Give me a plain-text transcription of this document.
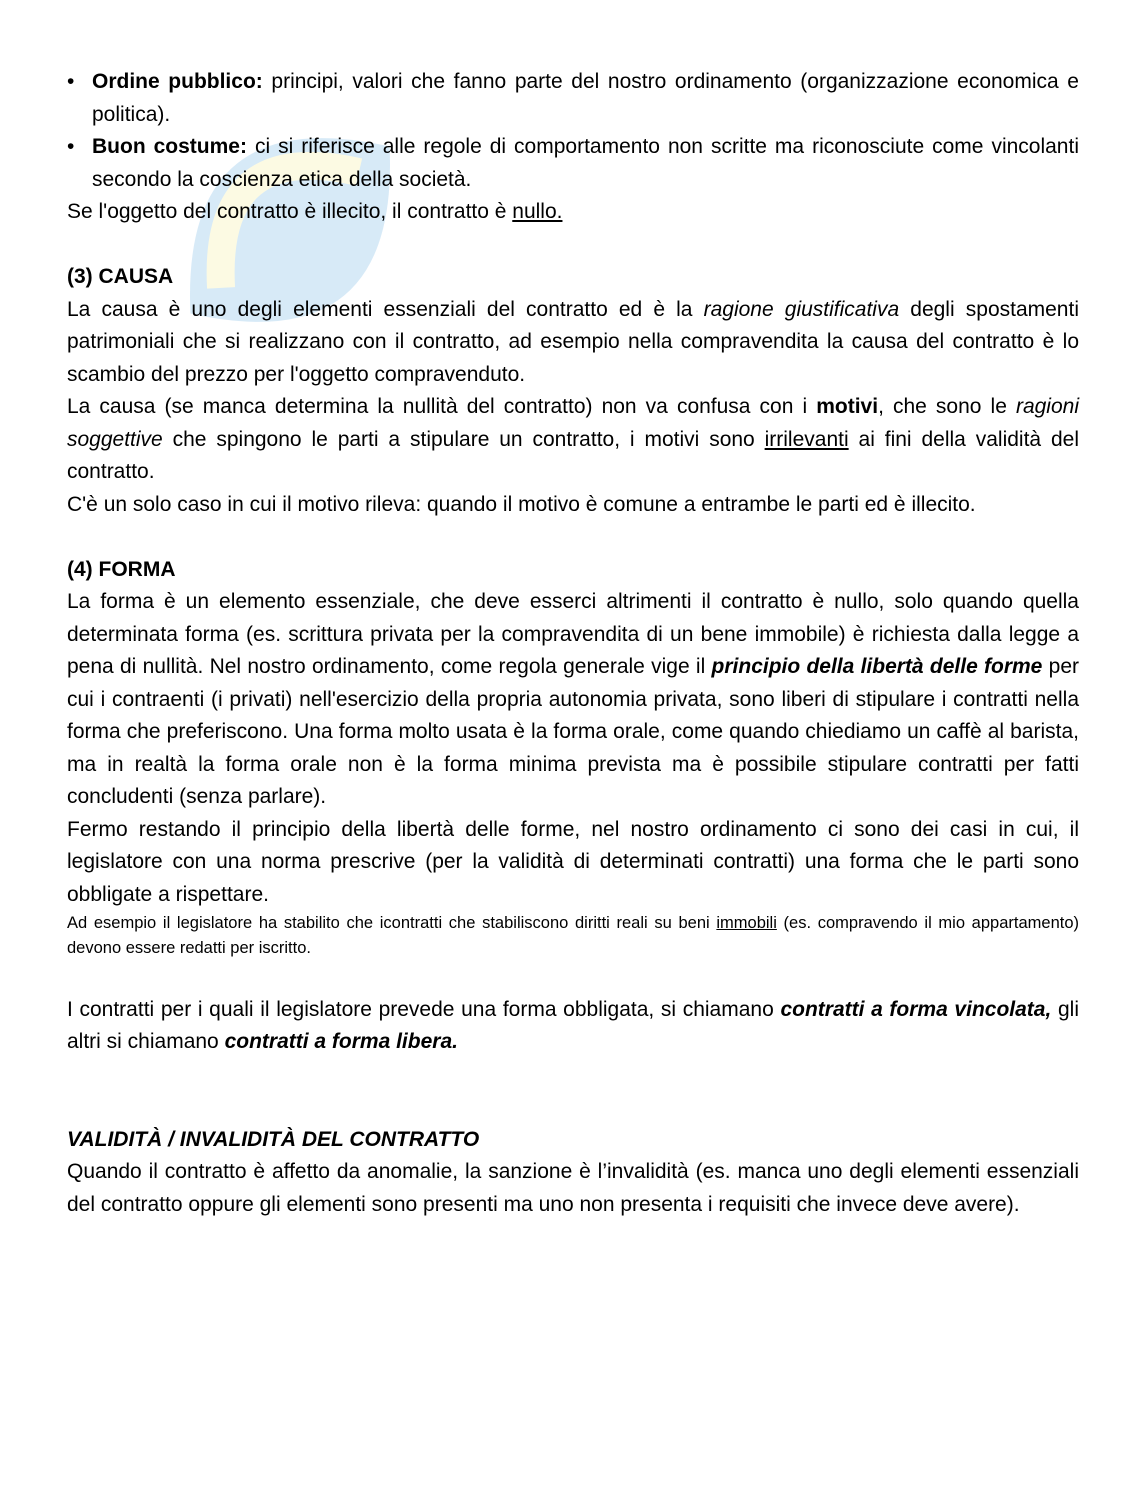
• Ordine pubblico: principi, valori che fanno parte del nostro ordinamento (organizzazione economica e politica).
• Buon costume: ci si riferisce alle regole di comportamento non scritte ma riconosciute come vincolanti secondo la coscienza etica della società.

Se l'oggetto del contratto è illecito, il contratto è nullo.

(3) CAUSA

La causa è uno degli elementi essenziali del contratto ed è la ragione giustificativa degli spostamenti patrimoniali che si realizzano con il contratto, ad esempio nella compravendita la causa del contratto è lo scambio del prezzo per l'oggetto compravenduto.

La causa (se manca determina la nullità del contratto) non va confusa con i motivi, che sono le ragioni soggettive che spingono le parti a stipulare un contratto, i motivi sono irrilevanti ai fini della validità del contratto.

C'è un solo caso in cui il motivo rileva: quando il motivo è comune a entrambe le parti ed è illecito.

(4) FORMA

La forma è un elemento essenziale, che deve esserci altrimenti il contratto è nullo, solo quando quella determinata forma (es. scrittura privata per la compravendita di un bene immobile) è richiesta dalla legge a pena di nullità. Nel nostro ordinamento, come regola generale vige il principio della libertà delle forme per cui i contraenti (i privati) nell'esercizio della propria autonomia privata, sono liberi di stipulare i contratti nella forma che preferiscono. Una forma molto usata è la forma orale, come quando chiediamo un caffè al barista, ma in realtà la forma orale non è la forma minima prevista ma è possibile stipulare contratti per fatti concludenti (senza parlare).

Fermo restando il principio della libertà delle forme, nel nostro ordinamento ci sono dei casi in cui, il legislatore con una norma prescrive (per la validità di determinati contratti) una forma che le parti sono obbligate a rispettare.

Ad esempio il legislatore ha stabilito che icontratti che stabiliscono diritti reali su beni immobili (es. compravendo il mio appartamento) devono essere redatti per iscritto.

I contratti per i quali il legislatore prevede una forma obbligata, si chiamano contratti a forma vincolata, gli altri si chiamano contratti a forma libera.

VALIDITÀ / INVALIDITÀ DEL CONTRATTO

Quando il contratto è affetto da anomalie, la sanzione è l’invalidità (es. manca uno degli elementi essenziali del contratto oppure gli elementi sono presenti ma uno non presenta i requisiti che invece deve avere).
